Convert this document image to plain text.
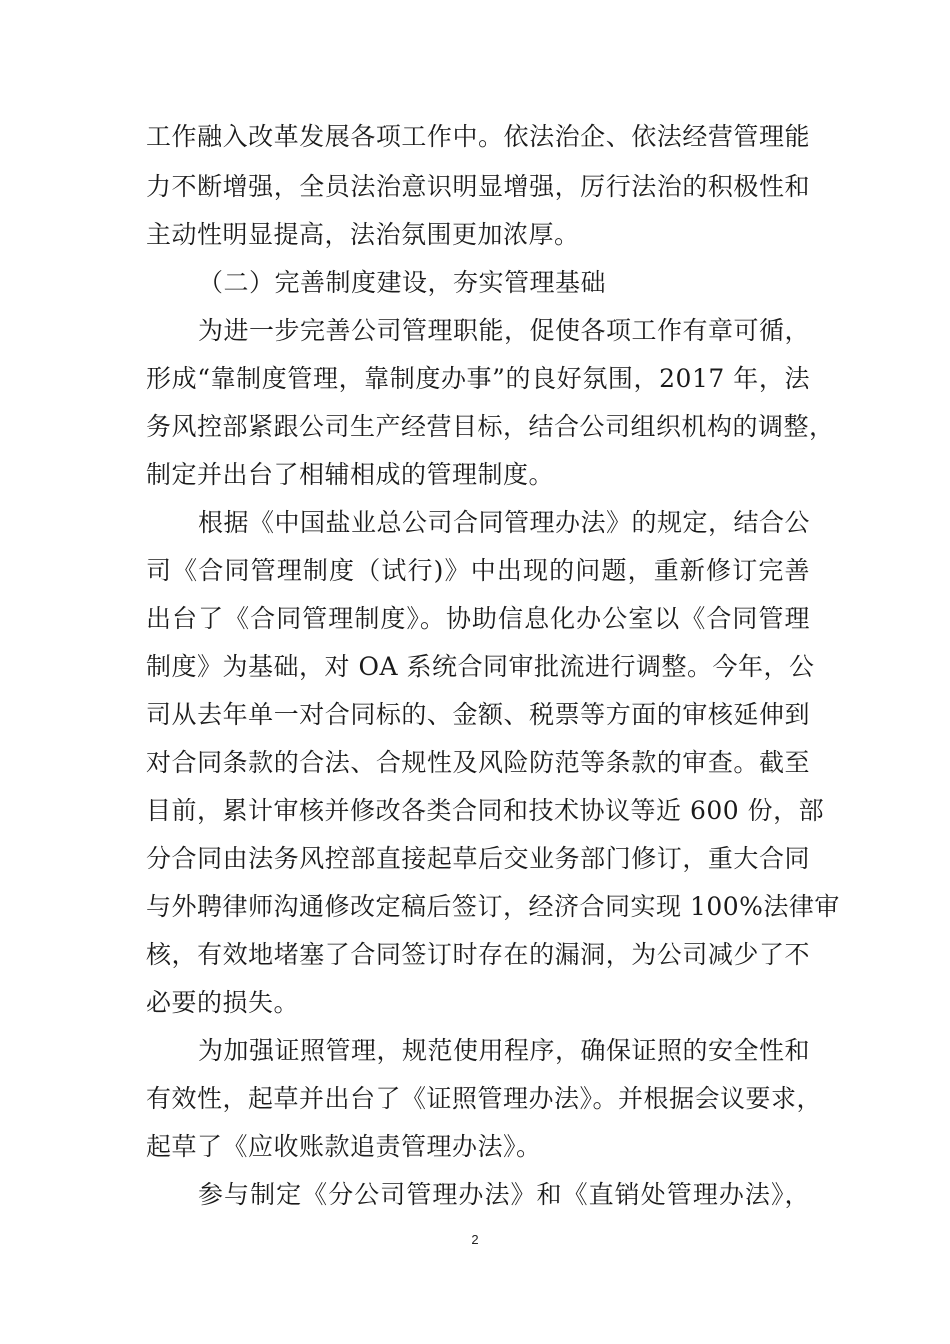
工作融入改革发展各项工作中。依法治企、依法经营管理能
力不断增强，全员法治意识明显增强，厉行法治的积极性和
主动性明显提高，法治氛围更加浓厚。
（二）完善制度建设，夯实管理基础
为进一步完善公司管理职能，促使各项工作有章可循，
形成“靠制度管理，靠制度办事”的良好氛围，2017 年，法
务风控部紧跟公司生产经营目标，结合公司组织机构的调整，
制定并出台了相辅相成的管理制度。
根据《中国盐业总公司合同管理办法》的规定，结合公
司《合同管理制度（试行)》中出现的问题，重新修订完善
出台了《合同管理制度》。协助信息化办公室以《合同管理
制度》为基础，对 OA 系统合同审批流进行调整。今年，公
司从去年单一对合同标的、金额、税票等方面的审核延伸到
对合同条款的合法、合规性及风险防范等条款的审查。截至
目前，累计审核并修改各类合同和技术协议等近 600 份，部
分合同由法务风控部直接起草后交业务部门修订，重大合同
与外聘律师沟通修改定稿后签订，经济合同实现 100%法律审
核，有效地堵塞了合同签订时存在的漏洞，为公司减少了不
必要的损失。
为加强证照管理，规范使用程序，确保证照的安全性和
有效性，起草并出台了《证照管理办法》。并根据会议要求，
起草了《应收账款追责管理办法》。
参与制定《分公司管理办法》和《直销处管理办法》，
2
